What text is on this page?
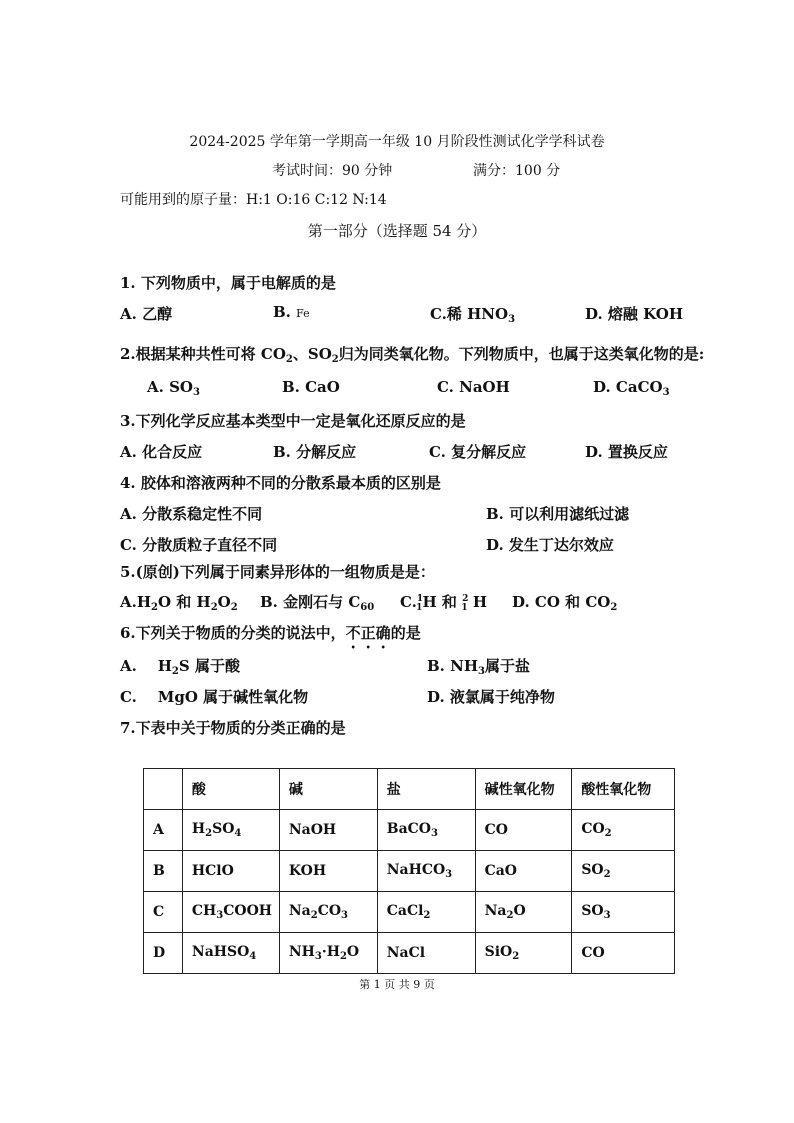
2024-2025 学年第一学期高一年级 10 月阶段性测试化学学科试卷
考试时间：90 分钟	满分：100 分
可能用到的原子量：H:1 O:16 C:12 N:14
第一部分（选择题 54 分）
1. 下列物质中，属于电解质的是
A. 乙醇	B. Fe	C.稀 $HNO_3$	D. 熔融 KOH
2.根据某种共性可将 $CO_2$、$SO_2$归为同类氧化物。下列物质中，也属于这类氧化物的是:
A. $SO_3$	B. CaO	C. NaOH	D. CaCO$_3$
3.下列化学反应基本类型中一定是氧化还原反应的是
A. 化合反应	B. 分解反应	C. 复分解反应	D. 置换反应
4. 胶体和溶液两种不同的分散系最本质的区别是
A. 分散系稳定性不同	B. 可以利用滤纸过滤
C. 分散质粒子直径不同	D. 发生丁达尔效应
5.(原创)下列属于同素异形体的一组物质是是：
$A.H_2O$ 和 $H_2O_2$ B. 金刚石与 $C_{60}$ C.$^1_1$H 和 $^2_1$ H D. CO 和 $CO_2$
6.下列关于物质的分类的说法中，不正确的是
A.    $H_2S$ 属于酸	B. $NH_3$属于盐
C.    MgO 属于碱性氧化物	D. 液氯属于纯净物
7.下表中关于物质的分类正确的是
	酸	碱	盐	碱性氧化物	酸性氧化物
A	$H_2SO_4$	NaOH	BaCO$_3$	CO	$CO_2$
B	HClO	KOH	NaHCO$_3$	CaO	$SO_2$
C	$CH_3COOH$	$Na_2CO_3$	CaCl$_2$	$Na_2O$	$SO_3$
D	NaHSO$_4$	$NH_3\cdot H_2O$	NaCl	SiO$_2$	CO
第 1 页 共 9 页
